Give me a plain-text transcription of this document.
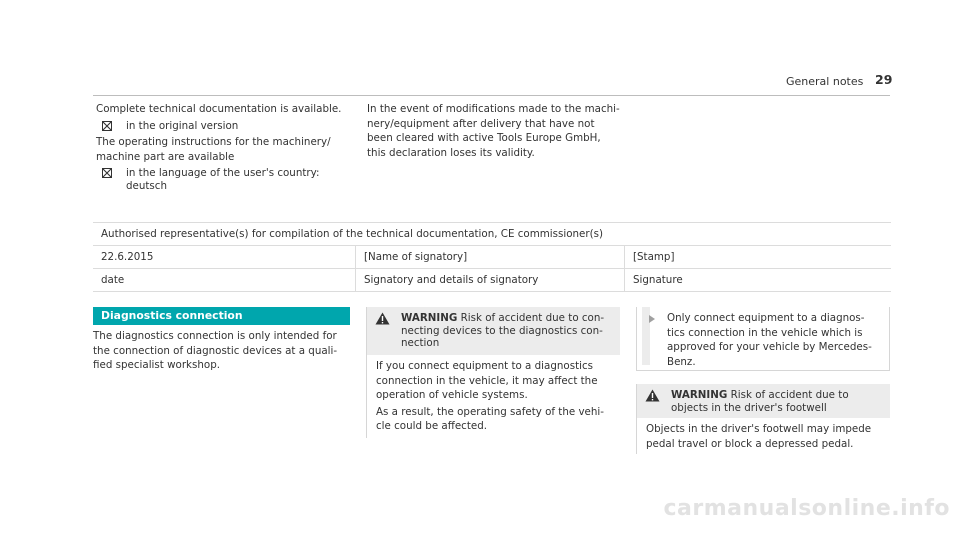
General notes 29
Complete technical documentation is available.
in the original version
The operating instructions for the machinery/
machine part are available
in the language of the user's country:
deutsch
In the event of modifications made to the machi-
nery/equipment after delivery that have not
been cleared with active Tools Europe GmbH,
this declaration loses its validity.
Authorised representative(s) for compilation of the technical documentation, CE commissioner(s)
22.6.2015	[Name of signatory]	[Stamp]
date	Signatory and details of signatory	Signature
Diagnostics connection
The diagnostics connection is only intended for
the connection of diagnostic devices at a quali-
fied specialist workshop.
WARNING Risk of accident due to con-
necting devices to the diagnostics con-
nection
If you connect equipment to a diagnostics
connection in the vehicle, it may affect the
operation of vehicle systems.
As a result, the operating safety of the vehi-
cle could be affected.
Only connect equipment to a diagnos-
tics connection in the vehicle which is
approved for your vehicle by Mercedes-
Benz.
WARNING Risk of accident due to
objects in the driver's footwell
Objects in the driver's footwell may impede
pedal travel or block a depressed pedal.
carmanualsonline.info
